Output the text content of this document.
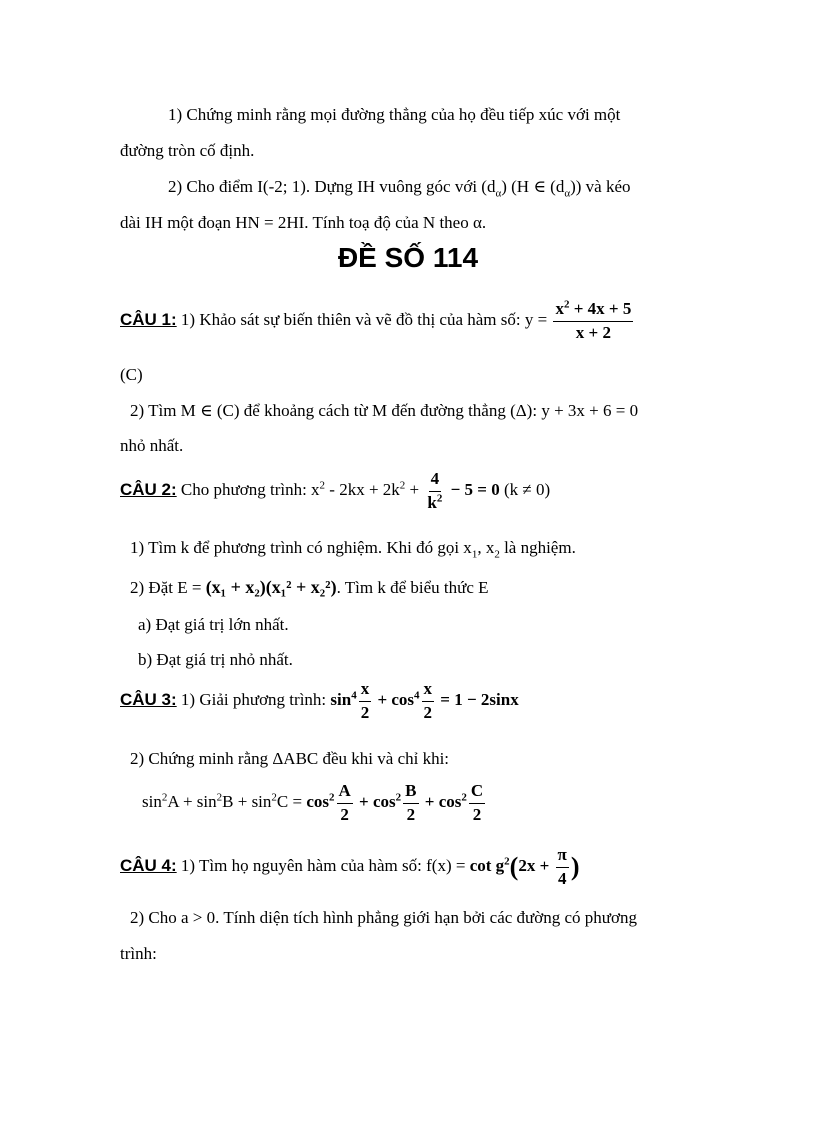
1) Chứng minh rằng mọi đường thẳng của họ đều tiếp xúc với một
đường tròn cố định.
2) Cho điểm I(-2; 1). Dựng IH vuông góc với $(d_\alpha)$ (H ∈ $(d_\alpha)$) và kéo
dài IH một đoạn HN = 2HI. Tính toạ độ của N theo α.
ĐỀ SỐ 114
CÂU 1: 1) Khảo sát sự biến thiên và vẽ đồ thị của hàm số: $y = \frac{x^2 + 4x + 5}{x + 2}$
(C)
2) Tìm M ∈ (C) để khoảng cách từ M đến đường thẳng (Δ): y + 3x + 6 = 0
nhỏ nhất.
CÂU 2: Cho phương trình: $x^2 - 2kx + 2k^2 + \frac{4}{k^2} - 5 = 0$ (k ≠ 0)
1) Tìm k để phương trình có nghiệm. Khi đó gọi $x_1$, $x_2$ là nghiệm.
2) Đặt E = (x₁ + x₂)(x₁² + x₂²). Tìm k để biểu thức E
a) Đạt giá trị lớn nhất.
b) Đạt giá trị nhỏ nhất.
CÂU 3: 1) Giải phương trình: $\sin^4 \frac{x}{2} + \cos^4 \frac{x}{2} = 1 - 2\sin x$
2) Chứng minh rằng ΔABC đều khi và chỉ khi:
$\sin^2A + \sin^2B + \sin^2C = \cos^2 \frac{A}{2} + \cos^2 \frac{B}{2} + \cos^2 \frac{C}{2}$
CÂU 4: 1) Tìm họ nguyên hàm của hàm số: $f(x) = \cot g^2(2x + \frac{\pi}{4}$ )
2) Cho a > 0. Tính diện tích hình phẳng giới hạn bởi các đường có phương
trình:
